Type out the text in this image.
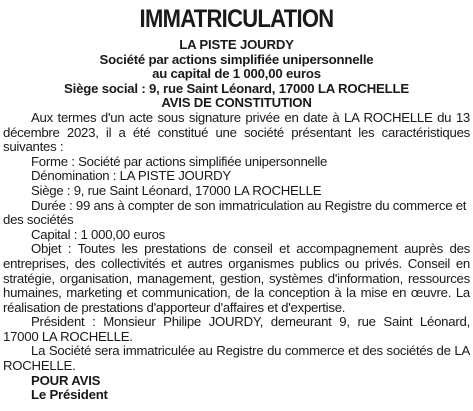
IMMATRICULATION

LA PISTE JOURDY

Société par actions simplifiée unipersonnelle

au capital de 1 000,00 euros

Siège social : 9, rue Saint Léonard, 17000 LA ROCHELLE

AVIS DE CONSTITUTION

Aux termes d'un acte sous signature privée en date à LA ROCHELLE du 13 décembre 2023, il a été constitué une société présentant les caractéristiques suivantes :

Forme : Société par actions simplifiée unipersonnelle

Dénomination : LA PISTE JOURDY

Siège : 9, rue Saint Léonard, 17000 LA ROCHELLE

Durée : 99 ans à compter de son immatriculation au Registre du commerce et des sociétés

Capital : 1 000,00 euros

Objet : Toutes les prestations de conseil et accompagnement auprès des entreprises, des collectivités et autres organismes publics ou privés. Conseil en stratégie, organisation, management, gestion, systèmes d'information, ressources humaines, marketing et communication, de la conception à la mise en œuvre. La réalisation de prestations d'apporteur d'affaires et d'expertise.

Président : Monsieur Philipe JOURDY, demeurant 9, rue Saint Léonard, 17000 LA ROCHELLE.

La Société sera immatriculée au Registre du commerce et des sociétés de LA ROCHELLE.

POUR AVIS

Le Président
